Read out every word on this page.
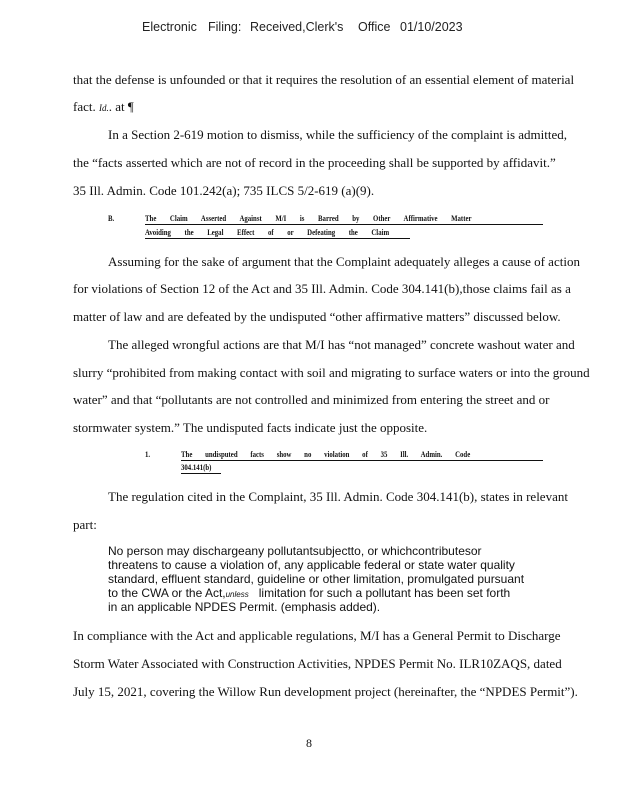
Electronic Filing: Received,Clerk's Office 01/10/2023
that the defense is unfounded or that it requires the resolution of an essential element of material
fact. Id.. at ¶
In a Section 2-619 motion to dismiss, while the sufficiency of the complaint is admitted,
the “facts asserted which are not of record in the proceeding shall be supported by affidavit.”
35 Ill. Admin. Code 101.242(a); 735 ILCS 5/2-619 (a)(9).
B.	The Claim Asserted Against M/I is Barred by Other Affirmative Matter
Avoiding the Legal Effect of or Defeating the Claim
Assuming for the sake of argument that the Complaint adequately alleges a cause of action
for violations of Section 12 of the Act and 35 Ill. Admin. Code 304.141(b),those claims fail as a
matter of law and are defeated by the undisputed “other affirmative matters” discussed below.
The alleged wrongful actions are that M/I has “not managed” concrete washout water and
slurry “prohibited from making contact with soil and migrating to surface waters or into the ground
water” and that “pollutants are not controlled and minimized from entering the street and or
stormwater system.” The undisputed facts indicate just the opposite.
1.	The undisputed facts show no violation of 35 Ill. Admin. Code
304.141(b)
The regulation cited in the Complaint, 35 Ill. Admin. Code 304.141(b), states in relevant
part:
No person may dischargeany pollutantsubjectto, or whichcontributesor
threatens to cause a violation of, any applicable federal or state water quality
standard, effluent standard, guideline or other limitation, promulgated pursuant
to the CWA or the Act,unless limitation for such a pollutant has been set forth
in an applicable NPDES Permit. (emphasis added).
In compliance with the Act and applicable regulations, M/I has a General Permit to Discharge
Storm Water Associated with Construction Activities, NPDES Permit No. ILR10ZAQS, dated
July 15, 2021, covering the Willow Run development project (hereinafter, the “NPDES Permit”).
8
